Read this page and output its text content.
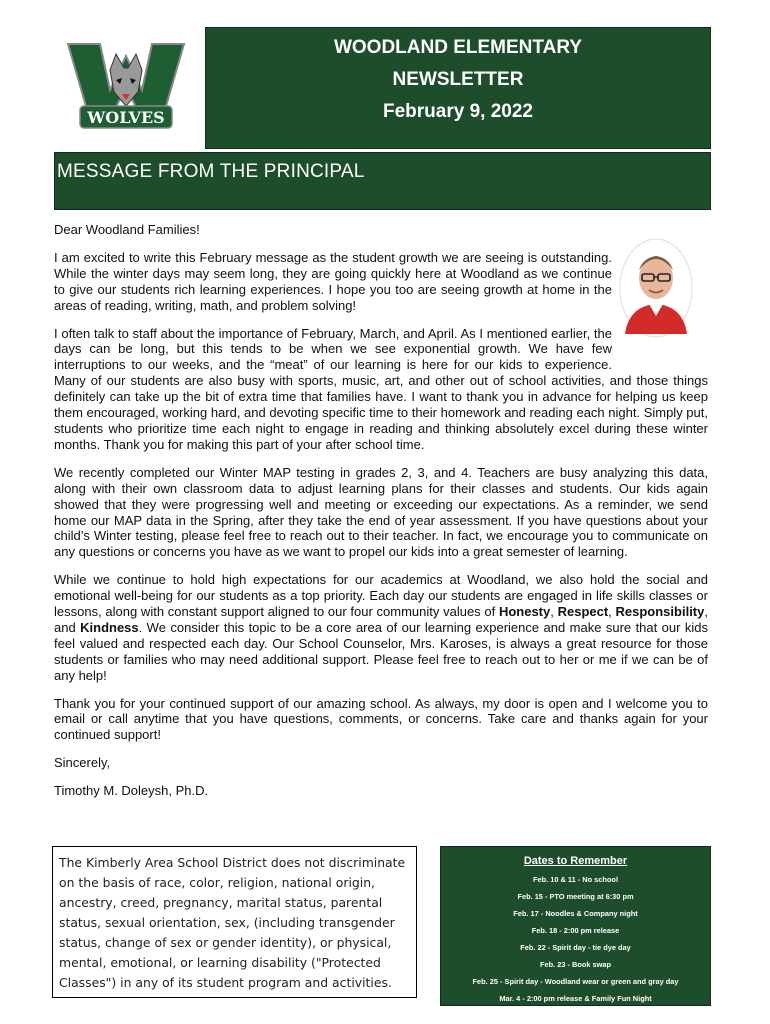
WOLVES
WOODLAND ELEMENTARY
NEWSLETTER
February 9, 2022
MESSAGE FROM THE PRINCIPAL

Dear Woodland Families!

I am excited to write this February message as the student growth we are seeing is outstanding. While the winter days may seem long, they are going quickly here at Woodland as we continue to give our students rich learning experiences. I hope you too are seeing growth at home in the areas of reading, writing, math, and problem solving!

I often talk to staff about the importance of February, March, and April. As I mentioned earlier, the days can be long, but this tends to be when we see exponential growth. We have few interruptions to our weeks, and the “meat” of our learning is here for our kids to experience. Many of our students are also busy with sports, music, art, and other out of school activities, and those things definitely can take up the bit of extra time that families have. I want to thank you in advance for helping us keep them encouraged, working hard, and devoting specific time to their homework and reading each night. Simply put, students who prioritize time each night to engage in reading and thinking absolutely excel during these winter months. Thank you for making this part of your after school time.

We recently completed our Winter MAP testing in grades 2, 3, and 4. Teachers are busy analyzing this data, along with their own classroom data to adjust learning plans for their classes and students. Our kids again showed that they were progressing well and meeting or exceeding our expectations. As a reminder, we send home our MAP data in the Spring, after they take the end of year assessment. If you have questions about your child’s Winter testing, please feel free to reach out to their teacher. In fact, we encourage you to communicate on any questions or concerns you have as we want to propel our kids into a great semester of learning.

While we continue to hold high expectations for our academics at Woodland, we also hold the social and emotional well-being for our students as a top priority. Each day our students are engaged in life skills classes or lessons, along with constant support aligned to our four community values of Honesty, Respect, Responsibility, and Kindness. We consider this topic to be a core area of our learning experience and make sure that our kids feel valued and respected each day. Our School Counselor, Mrs. Karoses, is always a great resource for those students or families who may need additional support. Please feel free to reach out to her or me if we can be of any help!

Thank you for your continued support of our amazing school. As always, my door is open and I welcome you to email or call anytime that you have questions, comments, or concerns. Take care and thanks again for your continued support!

Sincerely,

Timothy M. Doleysh, Ph.D.

The Kimberly Area School District does not discriminate on the basis of race, color, religion, national origin, ancestry, creed, pregnancy, marital status, parental status, sexual orientation, sex, (including transgender status, change of sex or gender identity), or physical, mental, emotional, or learning disability ("Protected Classes") in any of its student program and activities.
Dates to Remember
Feb. 10 & 11 - No school
Feb. 15 - PTO meeting at 6:30 pm
Feb. 17 - Noodles & Company night
Feb. 18 - 2:00 pm release
Feb. 22 - Spirit day - tie dye day
Feb. 23 - Book swap
Feb. 25 - Spirit day - Woodland wear or green and gray day
Mar. 4 - 2:00 pm release & Family Fun Night
